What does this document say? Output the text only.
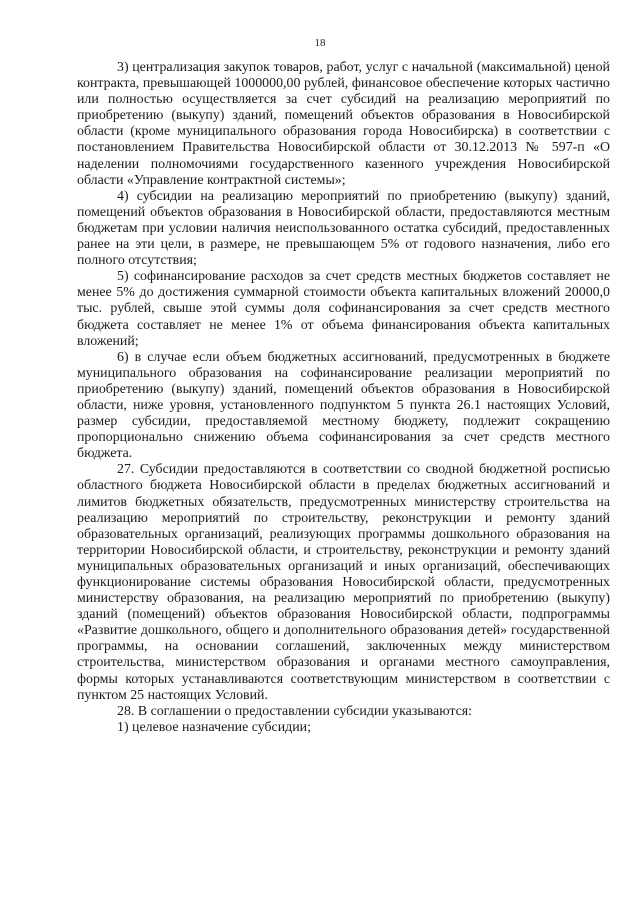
18

3) централизация закупок товаров, работ, услуг с начальной (максимальной) ценой контракта, превышающей 1000000,00 рублей, финансовое обеспечение которых частично или полностью осуществляется за счет субсидий на реализацию мероприятий по приобретению (выкупу) зданий, помещений объектов образования в Новосибирской области (кроме муниципального образования города Новосибирска) в соответствии с постановлением Правительства Новосибирской области от 30.12.2013 № 597-п «О наделении полномочиями государственного казенного учреждения Новосибирской области «Управление контрактной системы»;

4) субсидии на реализацию мероприятий по приобретению (выкупу) зданий, помещений объектов образования в Новосибирской области, предоставляются местным бюджетам при условии наличия неиспользованного остатка субсидий, предоставленных ранее на эти цели, в размере, не превышающем 5% от годового назначения, либо его полного отсутствия;

5) софинансирование расходов за счет средств местных бюджетов составляет не менее 5% до достижения суммарной стоимости объекта капитальных вложений 20000,0 тыс. рублей, свыше этой суммы доля софинансирования за счет средств местного бюджета составляет не менее 1% от объема финансирования объекта капитальных вложений;

6) в случае если объем бюджетных ассигнований, предусмотренных в бюджете муниципального образования на софинансирование реализации мероприятий по приобретению (выкупу) зданий, помещений объектов образования в Новосибирской области, ниже уровня, установленного подпунктом 5 пункта 26.1 настоящих Условий, размер субсидии, предоставляемой местному бюджету, подлежит сокращению пропорционально снижению объема софинансирования за счет средств местного бюджета.

27. Субсидии предоставляются в соответствии со сводной бюджетной росписью областного бюджета Новосибирской области в пределах бюджетных ассигнований и лимитов бюджетных обязательств, предусмотренных министерству строительства на реализацию мероприятий по строительству, реконструкции и ремонту зданий образовательных организаций, реализующих программы дошкольного образования на территории Новосибирской области, и строительству, реконструкции и ремонту зданий муниципальных образовательных организаций и иных организаций, обеспечивающих функционирование системы образования Новосибирской области, предусмотренных министерству образования, на реализацию мероприятий по приобретению (выкупу) зданий (помещений) объектов образования Новосибирской области, подпрограммы «Развитие дошкольного, общего и дополнительного образования детей» государственной программы, на основании соглашений, заключенных между министерством строительства, министерством образования и органами местного самоуправления, формы которых устанавливаются соответствующим министерством в соответствии с пунктом 25 настоящих Условий.

28. В соглашении о предоставлении субсидии указываются:

1) целевое назначение субсидии;
